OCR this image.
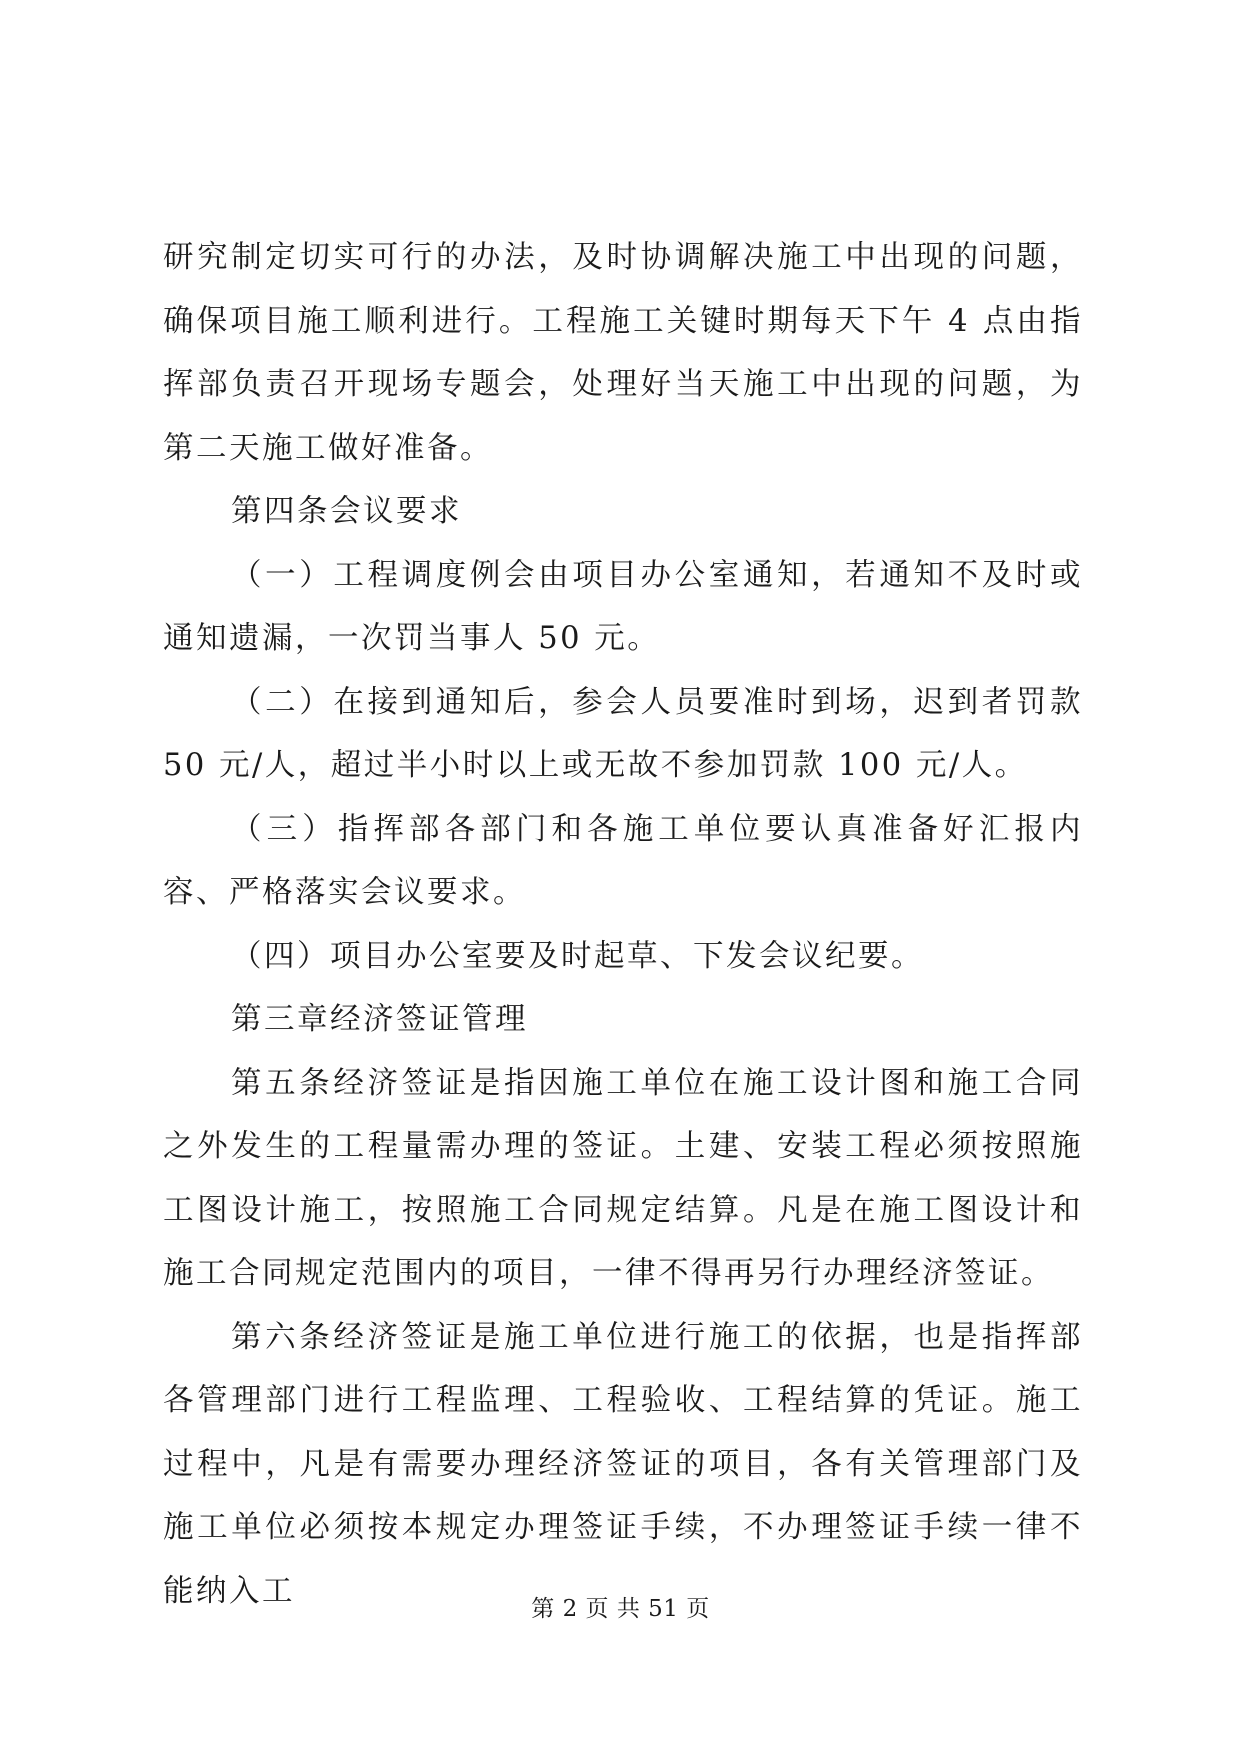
研究制定切实可行的办法，及时协调解决施工中出现的问题，确保项目施工顺利进行。工程施工关键时期每天下午 4 点由指挥部负责召开现场专题会，处理好当天施工中出现的问题，为第二天施工做好准备。

第四条会议要求

（一）工程调度例会由项目办公室通知，若通知不及时或通知遗漏，一次罚当事人 50 元。

（二）在接到通知后，参会人员要准时到场，迟到者罚款 50 元/人，超过半小时以上或无故不参加罚款 100 元/人。

（三）指挥部各部门和各施工单位要认真准备好汇报内容、严格落实会议要求。

（四）项目办公室要及时起草、下发会议纪要。

第三章经济签证管理

第五条经济签证是指因施工单位在施工设计图和施工合同之外发生的工程量需办理的签证。土建、安装工程必须按照施工图设计施工，按照施工合同规定结算。凡是在施工图设计和施工合同规定范围内的项目，一律不得再另行办理经济签证。

第六条经济签证是施工单位进行施工的依据，也是指挥部各管理部门进行工程监理、工程验收、工程结算的凭证。施工过程中，凡是有需要办理经济签证的项目，各有关管理部门及施工单位必须按本规定办理签证手续，不办理签证手续一律不能纳入工

第 2 页 共 51 页
